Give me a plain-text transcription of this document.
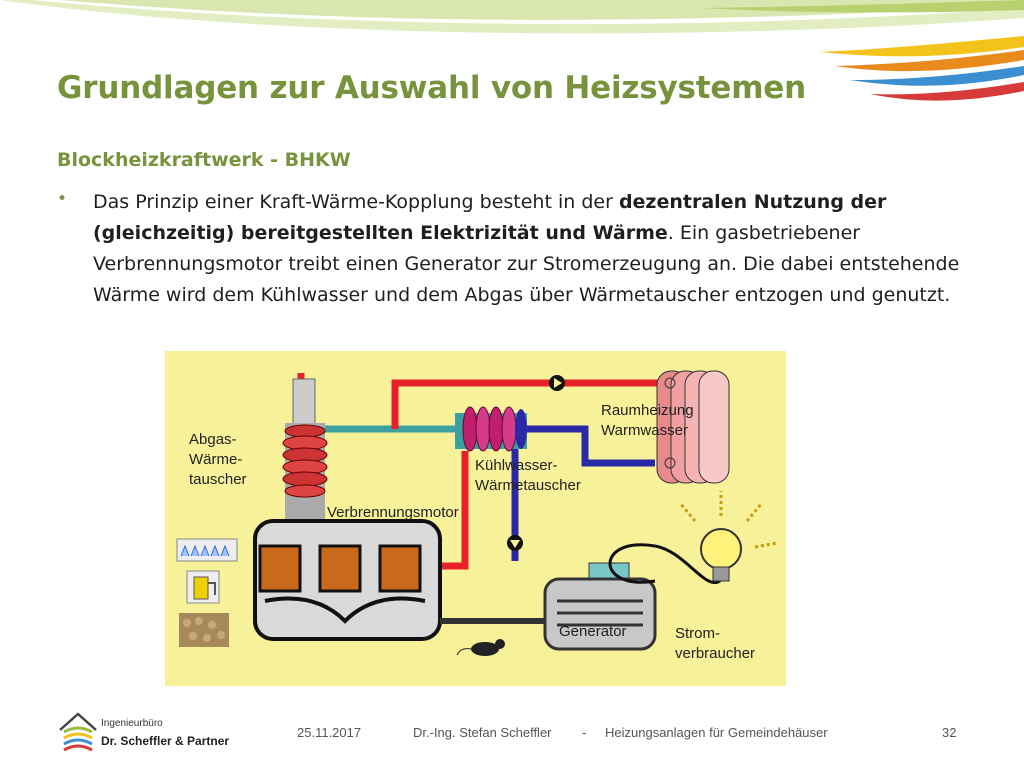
Grundlagen zur Auswahl von Heizsystemen
Blockheizkraftwerk - BHKW
• Das Prinzip einer Kraft-Wärme-Kopplung besteht in der dezentralen Nutzung der (gleichzeitig) bereitgestellten Elektrizität und Wärme. Ein gasbetriebener Verbrennungsmotor treibt einen Generator zur Stromerzeugung an. Die dabei entstehende Wärme wird dem Kühlwasser und dem Abgas über Wärmetauscher entzogen und genutzt.
Abgas-
Wärme-
tauscher
Raumheizung
Warmwasser
Kühlwasser-
Wärmetauscher
Verbrennungsmotor
Generator	Strom-
verbraucher
Ingenieurbüro
Dr. Scheffler & Partner
25.11.2017	Dr.-Ing. Stefan Scheffler - Heizungsanlagen für Gemeindehäuser	32
